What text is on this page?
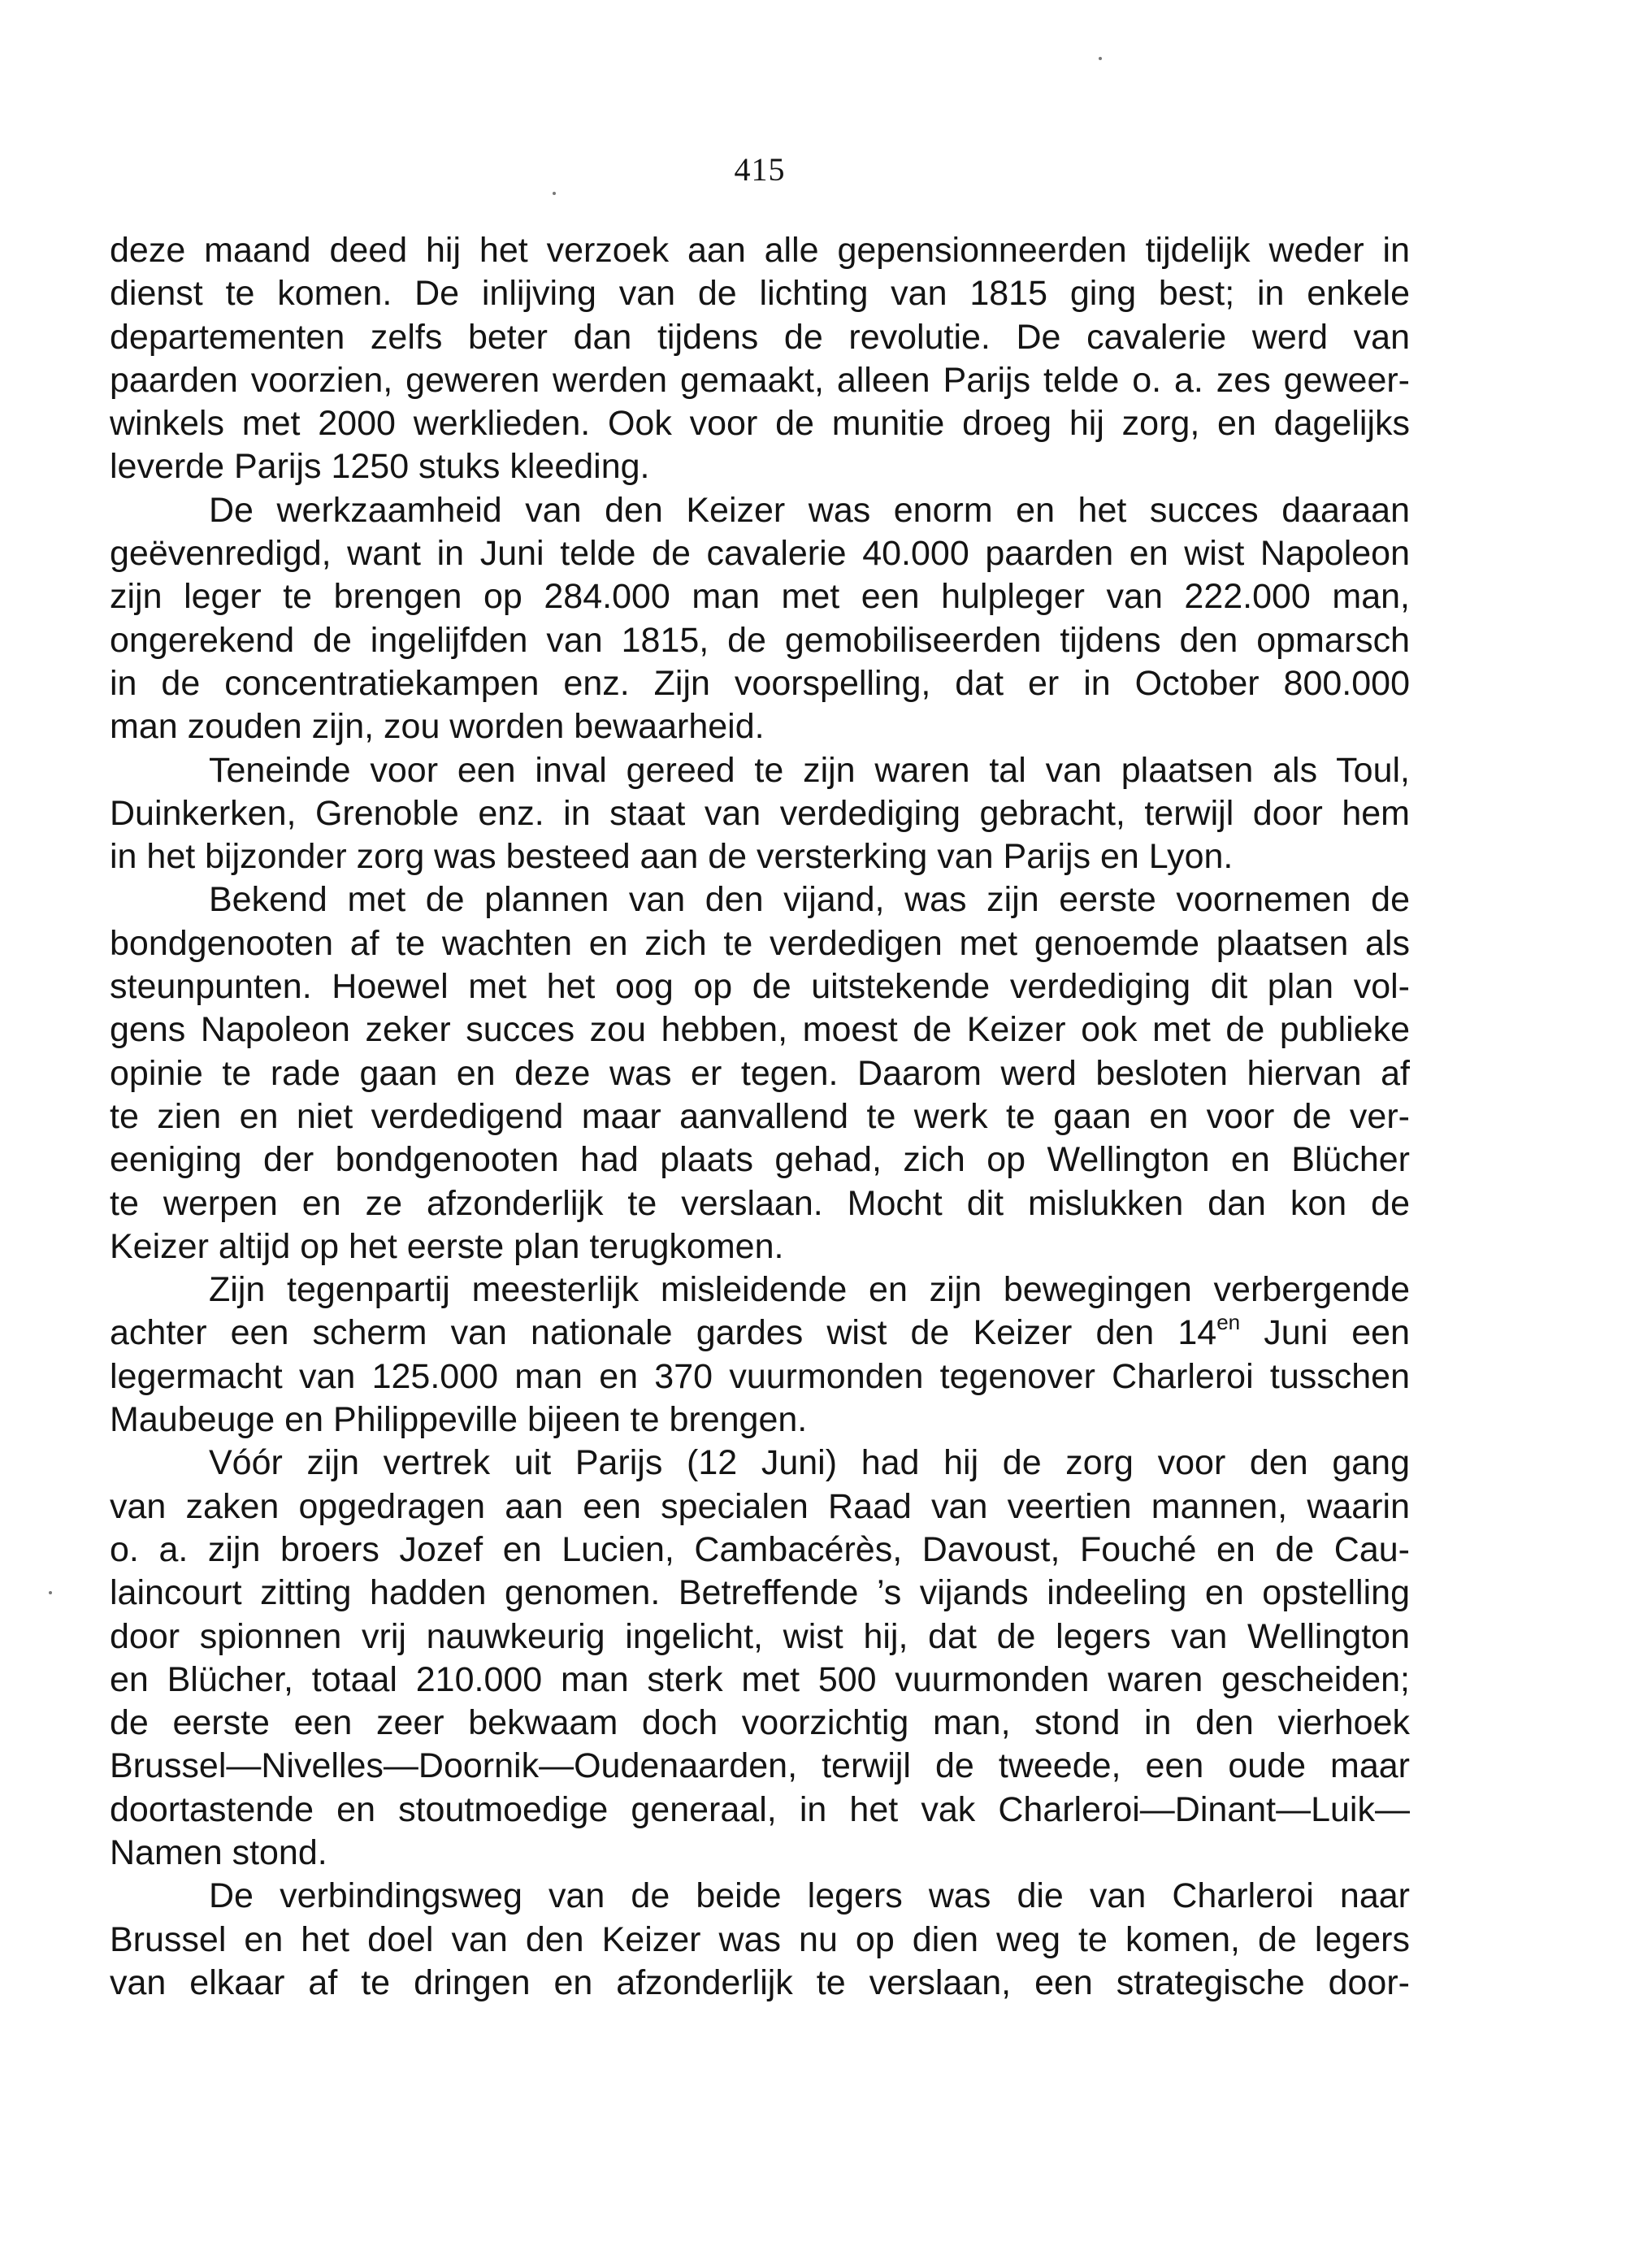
415
deze maand deed hij het verzoek aan alle gepensionneerden tijdelijk weder in
dienst te komen. De inlijving van de lichting van 1815 ging best; in enkele
departementen zelfs beter dan tijdens de revolutie. De cavalerie werd van
paarden voorzien, geweren werden gemaakt, alleen Parijs telde o. a. zes geweer-
winkels met 2000 werklieden. Ook voor de munitie droeg hij zorg, en dagelijks
leverde Parijs 1250 stuks kleeding.
De werkzaamheid van den Keizer was enorm en het succes daaraan
geëvenredigd, want in Juni telde de cavalerie 40.000 paarden en wist Napoleon
zijn leger te brengen op 284.000 man met een hulpleger van 222.000 man,
ongerekend de ingelijfden van 1815, de gemobiliseerden tijdens den opmarsch
in de concentratiekampen enz. Zijn voorspelling, dat er in October 800.000
man zouden zijn, zou worden bewaarheid.
Teneinde voor een inval gereed te zijn waren tal van plaatsen als Toul,
Duinkerken, Grenoble enz. in staat van verdediging gebracht, terwijl door hem
in het bijzonder zorg was besteed aan de versterking van Parijs en Lyon.
Bekend met de plannen van den vijand, was zijn eerste voornemen de
bondgenooten af te wachten en zich te verdedigen met genoemde plaatsen als
steunpunten. Hoewel met het oog op de uitstekende verdediging dit plan vol-
gens Napoleon zeker succes zou hebben, moest de Keizer ook met de publieke
opinie te rade gaan en deze was er tegen. Daarom werd besloten hiervan af
te zien en niet verdedigend maar aanvallend te werk te gaan en voor de ver-
eeniging der bondgenooten had plaats gehad, zich op Wellington en Blücher
te werpen en ze afzonderlijk te verslaan. Mocht dit mislukken dan kon de
Keizer altijd op het eerste plan terugkomen.
Zijn tegenpartij meesterlijk misleidende en zijn bewegingen verbergende
achter een scherm van nationale gardes wist de Keizer den $14^{en}$ Juni een
legermacht van 125.000 man en 370 vuurmonden tegenover Charleroi tusschen
Maubeuge en Philippeville bijeen te brengen.
Vóór zijn vertrek uit Parijs (12 Juni) had hij de zorg voor den gang
van zaken opgedragen aan een specialen Raad van veertien mannen, waarin
o. a. zijn broers Jozef en Lucien, Cambacérès, Davoust, Fouché en de Cau-
laincourt zitting hadden genomen. Betreffende ’s vijands indeeling en opstelling
door spionnen vrij nauwkeurig ingelicht, wist hij, dat de legers van Wellington
en Blücher, totaal 210.000 man sterk met 500 vuurmonden waren gescheiden;
de eerste een zeer bekwaam doch voorzichtig man, stond in den vierhoek
Brussel—Nivelles—Doornik—Oudenaarden, terwijl de tweede, een oude maar
doortastende en stoutmoedige generaal, in het vak Charleroi—Dinant—Luik—
Namen stond.
De verbindingsweg van de beide legers was die van Charleroi naar
Brussel en het doel van den Keizer was nu op dien weg te komen, de legers
van elkaar af te dringen en afzonderlijk te verslaan, een strategische door-
